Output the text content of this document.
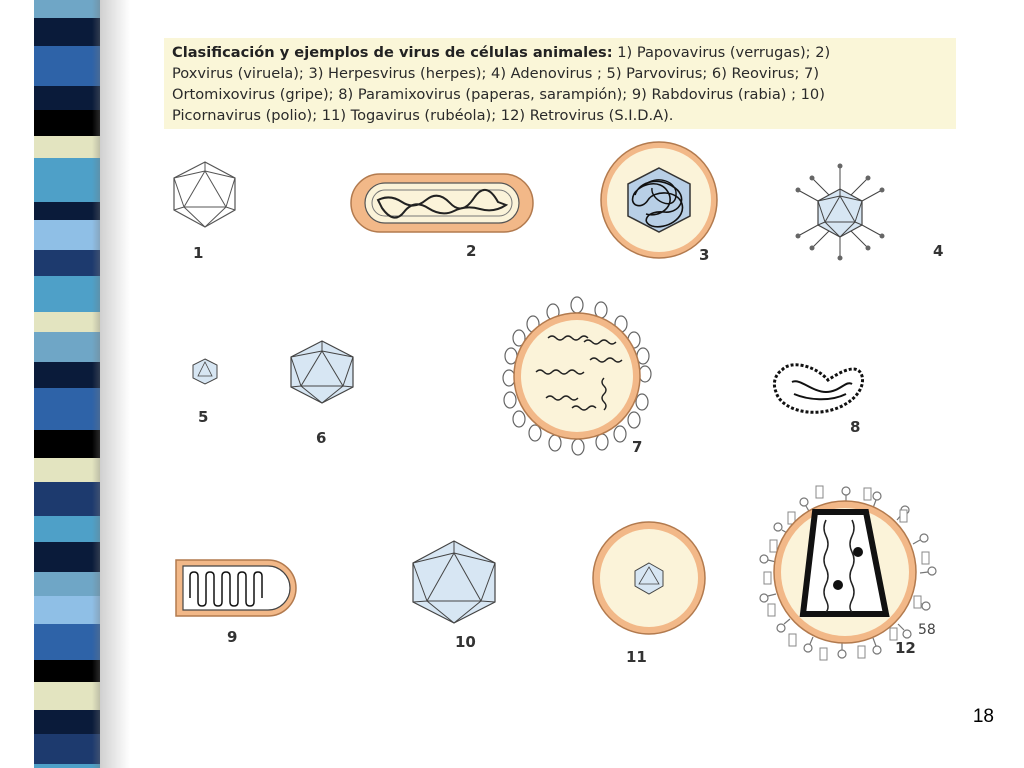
Clasificación y ejemplos de virus de células animales: 1) Papovavirus (verrugas); 2)
Poxvirus (viruela); 3) Herpesvirus (herpes); 4) Adenovirus ; 5) Parvovirus; 6) Reovirus; 7)
Ortomixovirus (gripe); 8) Paramixovirus (paperas, sarampión); 9) Rabdovirus (rabia) ; 10)
Picornavirus (polio); 11) Togavirus (rubéola); 12) Retrovirus (S.I.D.A).
1	2	3	4
5
6	7
8
9	10
11
58
12
18
